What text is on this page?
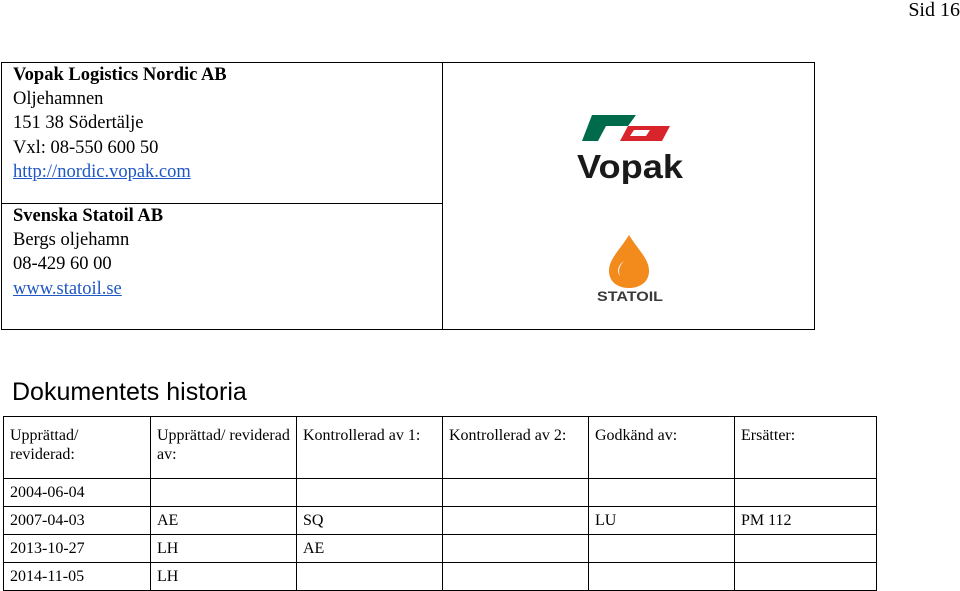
Sid 16
Vopak Logistics Nordic AB
Oljehamnen
151 38 Södertälje
Vxl: 08-550 600 50
http://nordic.vopak.com
Svenska Statoil AB
Bergs oljehamn
08-429 60 00
www.statoil.se
Vopak
STATOIL
Dokumentets historia
Upprättad/ reviderad:	Upprättad/ reviderad av:	Kontrollerad av 1:	Kontrollerad av 2:	Godkänd av:	Ersätter:
2004-06-04					
2007-04-03	AE	SQ		LU	PM 112
2013-10-27	LH	AE			
2014-11-05	LH				
